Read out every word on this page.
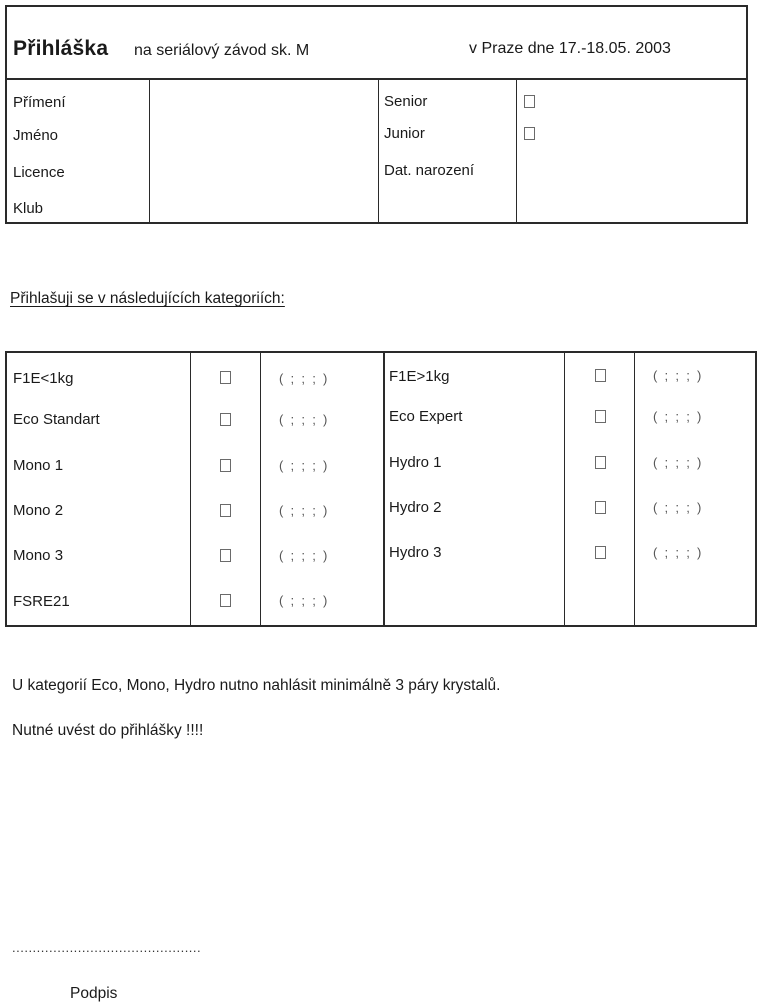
Přihláška na seriálový závod sk. M	v Praze dne 17.-18.05. 2003
Přímení
Jméno
Licence
Klub
Senior
Junior
Dat. narození
Přihlašuji se v následujících kategoriích:
F1E<1kg
Eco Standart
Mono 1
Mono 2
Mono 3
FSRE21
(  ;  ;  ;  )
(  ;  ;  ;  )
(  ;  ;  ;  )
(  ;  ;  ;  )
(  ;  ;  ;  )
(  ;  ;  ;  )
F1E>1kg
Eco Expert
Hydro 1
Hydro 2
Hydro 3
(  ;  ;  ;  )
(  ;  ;  ;  )
(  ;  ;  ;  )
(  ;  ;  ;  )
(  ;  ;  ;  )
U kategorií Eco, Mono, Hydro nutno nahlásit minimálně 3 páry krystalů.
Nutné uvést do přihlášky !!!!
..............................................
Podpis
